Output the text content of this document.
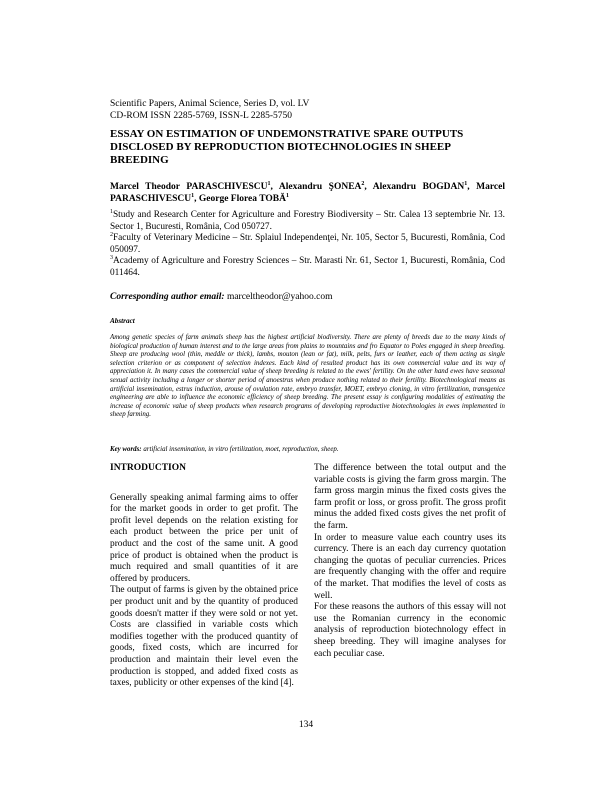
Scientific Papers, Animal Science, Series D, vol. LV
CD-ROM ISSN 2285-5769, ISSN-L 2285-5750
ESSAY ON ESTIMATION OF UNDEMONSTRATIVE SPARE OUTPUTS DISCLOSED BY REPRODUCTION BIOTECHNOLOGIES IN SHEEP BREEDING

Marcel Theodor PARASCHIVESCU$^1$, Alexandru ŞONEA$^2$, Alexandru BOGDAN$^1$, Marcel PARASCHIVESCU$^1$, George Florea TOBĂ$^1$

$^1$Study and Research Center for Agriculture and Forestry Biodiversity – Str. Calea 13 septembrie Nr. 13. Sector 1, Bucuresti, România, Cod 050727.

$^2$Faculty of Veterinary Medicine – Str. Splaiul Independenţei, Nr. 105, Sector 5, Bucuresti, România, Cod 050097.

$^3$Academy of Agriculture and Forestry Sciences – Str. Marasti Nr. 61, Sector 1, Bucuresti, România, Cod 011464.

Corresponding author email: marceltheodor@yahoo.com

Abstract

Among genetic species of farm animals sheep has the highest artificial biodiversity. There are plenty of breeds due to the many kinds of biological production of human interest and to the large areas from plains to mountains and fro Equator to Poles engaged in sheep breeding. Sheep are producing wool (thin, meddle or thick), lambs, mouton (lean or fat), milk, pelts, furs or leather, each of them acting as single selection criterion or as component of selection indexes. Each kind of resulted product has its own commercial value and its way of appreciation it. In many cases the commercial value of sheep breeding is related to the ewes' fertility. On the other hand ewes have seasonal sexual activity including a longer or shorter period of anoestrus when produce nothing related to their fertility. Biotechnological means as artificial insemination, estrus induction, arouse of ovulation rate, embryo transfer, MOET, embryo cloning, in vitro fertilization, transgenice engineering are able to influence the economic efficiency of sheep breeding. The present essay is configuring modalities of estimating the increase of economic value of sheep products when research programs of developing reproductive biotechnologies in ewes implemented in sheep farming.

Key words: artificial insemination, in vitro fertilization, moet, reproduction, sheep.

INTRODUCTION

Generally speaking animal farming aims to offer for the market goods in order to get profit. The profit level depends on the relation existing for each product between the price per unit of product and the cost of the same unit. A good price of product is obtained when the product is much required and small quantities of it are offered by producers.

The output of farms is given by the obtained price per product unit and by the quantity of produced goods doesn't matter if they were sold or not yet. Costs are classified in variable costs which modifies together with the produced quantity of goods, fixed costs, which are incurred for production and maintain their level even the production is stopped, and added fixed costs as taxes, publicity or other expenses of the kind [4].

The difference between the total output and the variable costs is giving the farm gross margin. The farm gross margin minus the fixed costs gives the farm profit or loss, or gross profit. The gross profit minus the added fixed costs gives the net profit of the farm.

In order to measure value each country uses its currency. There is an each day currency quotation changing the quotas of peculiar currencies. Prices are frequently changing with the offer and require of the market. That modifies the level of costs as well.

For these reasons the authors of this essay will not use the Romanian currency in the economic analysis of reproduction biotechnology effect in sheep breeding. They will imagine analyses for each peculiar case.

134
